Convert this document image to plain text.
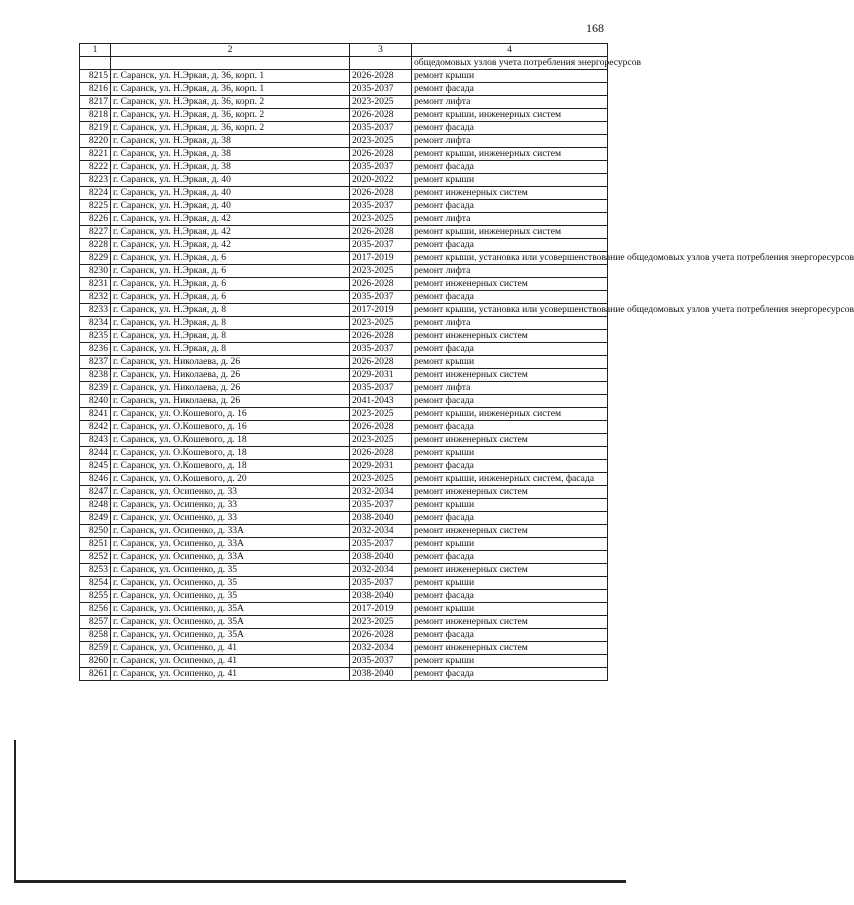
168
1	2	3	4
			общедомовых узлов учета потребления энергоресурсов
8215	г. Саранск, ул. Н.Эркая, д. 36, корп. 1	2026-2028	ремонт крыши
8216	г. Саранск, ул. Н.Эркая, д. 36, корп. 1	2035-2037	ремонт фасада
8217	г. Саранск, ул. Н.Эркая, д. 36, корп. 2	2023-2025	ремонт лифта
8218	г. Саранск, ул. Н.Эркая, д. 36, корп. 2	2026-2028	ремонт крыши, инженерных систем
8219	г. Саранск, ул. Н.Эркая, д. 36, корп. 2	2035-2037	ремонт фасада
8220	г. Саранск, ул. Н.Эркая, д. 38	2023-2025	ремонт лифта
8221	г. Саранск, ул. Н.Эркая, д. 38	2026-2028	ремонт крыши, инженерных систем
8222	г. Саранск, ул. Н.Эркая, д. 38	2035-2037	ремонт фасада
8223	г. Саранск, ул. Н.Эркая, д. 40	2020-2022	ремонт крыши
8224	г. Саранск, ул. Н.Эркая, д. 40	2026-2028	ремонт инженерных систем
8225	г. Саранск, ул. Н.Эркая, д. 40	2035-2037	ремонт фасада
8226	г. Саранск, ул. Н.Эркая, д. 42	2023-2025	ремонт лифта
8227	г. Саранск, ул. Н.Эркая, д. 42	2026-2028	ремонт крыши, инженерных систем
8228	г. Саранск, ул. Н.Эркая, д. 42	2035-2037	ремонт фасада
8229	г. Саранск, ул. Н.Эркая, д. 6	2017-2019	ремонт крыши, установка или усовершенствование общедомовых узлов учета потребления энергоресурсов
8230	г. Саранск, ул. Н.Эркая, д. 6	2023-2025	ремонт лифта
8231	г. Саранск, ул. Н.Эркая, д. 6	2026-2028	ремонт инженерных систем
8232	г. Саранск, ул. Н.Эркая, д. 6	2035-2037	ремонт фасада
8233	г. Саранск, ул. Н.Эркая, д. 8	2017-2019	ремонт крыши, установка или усовершенствование общедомовых узлов учета потребления энергоресурсов
8234	г. Саранск, ул. Н.Эркая, д. 8	2023-2025	ремонт лифта
8235	г. Саранск, ул. Н.Эркая, д. 8	2026-2028	ремонт инженерных систем
8236	г. Саранск, ул. Н.Эркая, д. 8	2035-2037	ремонт фасада
8237	г. Саранск, ул. Николаева, д. 26	2026-2028	ремонт крыши
8238	г. Саранск, ул. Николаева, д. 26	2029-2031	ремонт инженерных систем
8239	г. Саранск, ул. Николаева, д. 26	2035-2037	ремонт лифта
8240	г. Саранск, ул. Николаева, д. 26	2041-2043	ремонт фасада
8241	г. Саранск, ул. О.Кошевого, д. 16	2023-2025	ремонт крыши, инженерных систем
8242	г. Саранск, ул. О.Кошевого, д. 16	2026-2028	ремонт фасада
8243	г. Саранск, ул. О.Кошевого, д. 18	2023-2025	ремонт инженерных систем
8244	г. Саранск, ул. О.Кошевого, д. 18	2026-2028	ремонт крыши
8245	г. Саранск, ул. О.Кошевого, д. 18	2029-2031	ремонт фасада
8246	г. Саранск, ул. О.Кошевого, д. 20	2023-2025	ремонт крыши, инженерных систем, фасада
8247	г. Саранск, ул. Осипенко, д. 33	2032-2034	ремонт инженерных систем
8248	г. Саранск, ул. Осипенко, д. 33	2035-2037	ремонт крыши
8249	г. Саранск, ул. Осипенко, д. 33	2038-2040	ремонт фасада
8250	г. Саранск, ул. Осипенко, д. 33А	2032-2034	ремонт инженерных систем
8251	г. Саранск, ул. Осипенко, д. 33А	2035-2037	ремонт крыши
8252	г. Саранск, ул. Осипенко, д. 33А	2038-2040	ремонт фасада
8253	г. Саранск, ул. Осипенко, д. 35	2032-2034	ремонт инженерных систем
8254	г. Саранск, ул. Осипенко, д. 35	2035-2037	ремонт крыши
8255	г. Саранск, ул. Осипенко, д. 35	2038-2040	ремонт фасада
8256	г. Саранск, ул. Осипенко, д. 35А	2017-2019	ремонт крыши
8257	г. Саранск, ул. Осипенко, д. 35А	2023-2025	ремонт инженерных систем
8258	г. Саранск, ул. Осипенко, д. 35А	2026-2028	ремонт фасада
8259	г. Саранск, ул. Осипенко, д. 41	2032-2034	ремонт инженерных систем
8260	г. Саранск, ул. Осипенко, д. 41	2035-2037	ремонт крыши
8261	г. Саранск, ул. Осипенко, д. 41	2038-2040	ремонт фасада
